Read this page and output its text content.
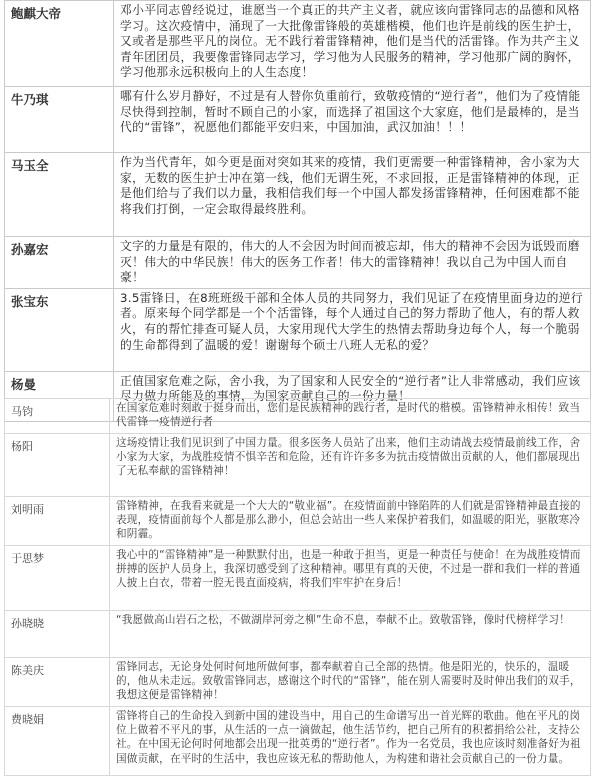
鲍麒大帝	邓小平同志曾经说过，谁愿当一个真正的共产主义者，就应该向雷锋同志的品德和风格学习。这次疫情中，涌现了一大批像雷锋般的英雄楷模，他们也许是前线的医生护士，又或者是那些平凡的岗位。无不践行着雷锋精神，他们是当代的活雷锋。作为共产主义青年团团员，我要像雷锋同志学习，学习他为人民服务的精神，学习他那广阔的胸怀，学习他那永远积极向上的人生态度！
牛乃琪	哪有什么岁月静好，不过是有人替你负重前行，致敬疫情的“逆行者”，他们为了疫情能尽快得到控制，暂时不顾自己的小家，而选择了祖国这个大家庭，他们是最棒的，是当代的“雷锋”，祝愿他们都能平安归来，中国加油，武汉加油！！！
马玉全	作为当代青年，如今更是面对突如其来的疫情，我们更需要一种雷锋精神，舍小家为大家，无数的医生护士冲在第一线，他们无谓生死，不求回报，正是雷锋精神的体现，正是他们给与了我们以力量，我相信我们每一个中国人都发扬雷锋精神，任何困难都不能将我们打倒，一定会取得最终胜利。
孙嘉宏	文字的力量是有限的，伟大的人不会因为时间而被忘却，伟大的精神不会因为诋毁而磨灭！伟大的中华民族！伟大的医务工作者！伟大的雷锋精神！我以自己为中国人而自豪！
张宝东	3.5雷锋日，在8班班级干部和全体人员的共同努力，我们见证了在疫情里面身边的逆行者。原来每个同学都是一个个活雷锋，每个人通过自己的努力帮助了他人，有的帮人救火，有的帮忙排查可疑人员，大家用现代大学生的热情去帮助身边每个人，每一个脆弱的生命都得到了温暖的爱！谢谢每个硕士八班人无私的爱？
杨曼	正值国家危难之际，舍小我，为了国家和人民安全的“逆行者”让人非常感动，我们应该尽力做力所能及的事情，为国家贡献自己的一份力量！
马钧	在国家危难时刻敢于挺身而出，您们是民族精神的践行者，是时代的楷模。雷锋精神永相传！致当代雷锋一疫情逆行者
杨阳	这场疫情让我们见识到了中国力量。很多医务人员站了出来，他们主动请战去疫情最前线工作，舍小家为大家，为战胜疫情不惧辛苦和危险，还有许许多多为抗击疫情做出贡献的人，他们都展现出了无私奉献的雷锋精神！
刘明雨	雷锋精神，在我看来就是一个大大的“敬业福”。在疫情面前中锋陷阵的人们就是雷锋精神最直接的表现，疫情面前每个人都是那么渺小，但总会站出一些人来保护着我们，如温暖的阳光，驱散寒冷和阴霾。
于思梦	我心中的“雷锋精神”是一种默默付出，也是一种敢于担当，更是一种责任与使命！在为战胜疫情而拼搏的医护人员身上，我深切感受到了这种精神。哪里有真的天使，不过是一群和我们一样的普通人披上白衣，带着一腔无畏直面疫病，将我们牢牢护在身后！
孙晓晓	“我愿做高山岩石之松，不做湖岸河旁之柳”生命不息，奉献不止。致敬雷锋，像时代榜样学习！
陈美庆	雷锋同志，无论身处何时何地所做何事，都奉献着自己全部的热情。他是阳光的，快乐的，温暖的，他从未走远。致敬雷锋同志，感谢这个时代的“雷锋”，能在别人需要时及时伸出我们的双手，我想这便是雷锋精神！
费晓娟	雷锋将自己的生命投入到新中国的建设当中，用自己的生命谱写出一首光辉的歌曲。他在平凡的岗位上做着不平凡的事，从生活的一点一滴做起，他生活节约，把自己所有的积蓄捐给公社，支持公社。在中国无论何时何地都会出现一批英勇的“逆行者”。作为一名党员，我也应该时刻准备好为祖国做贡献，在平时的生活中，我也应该无私的帮助他人，为构建和谐社会贡献自己的一份力量。
